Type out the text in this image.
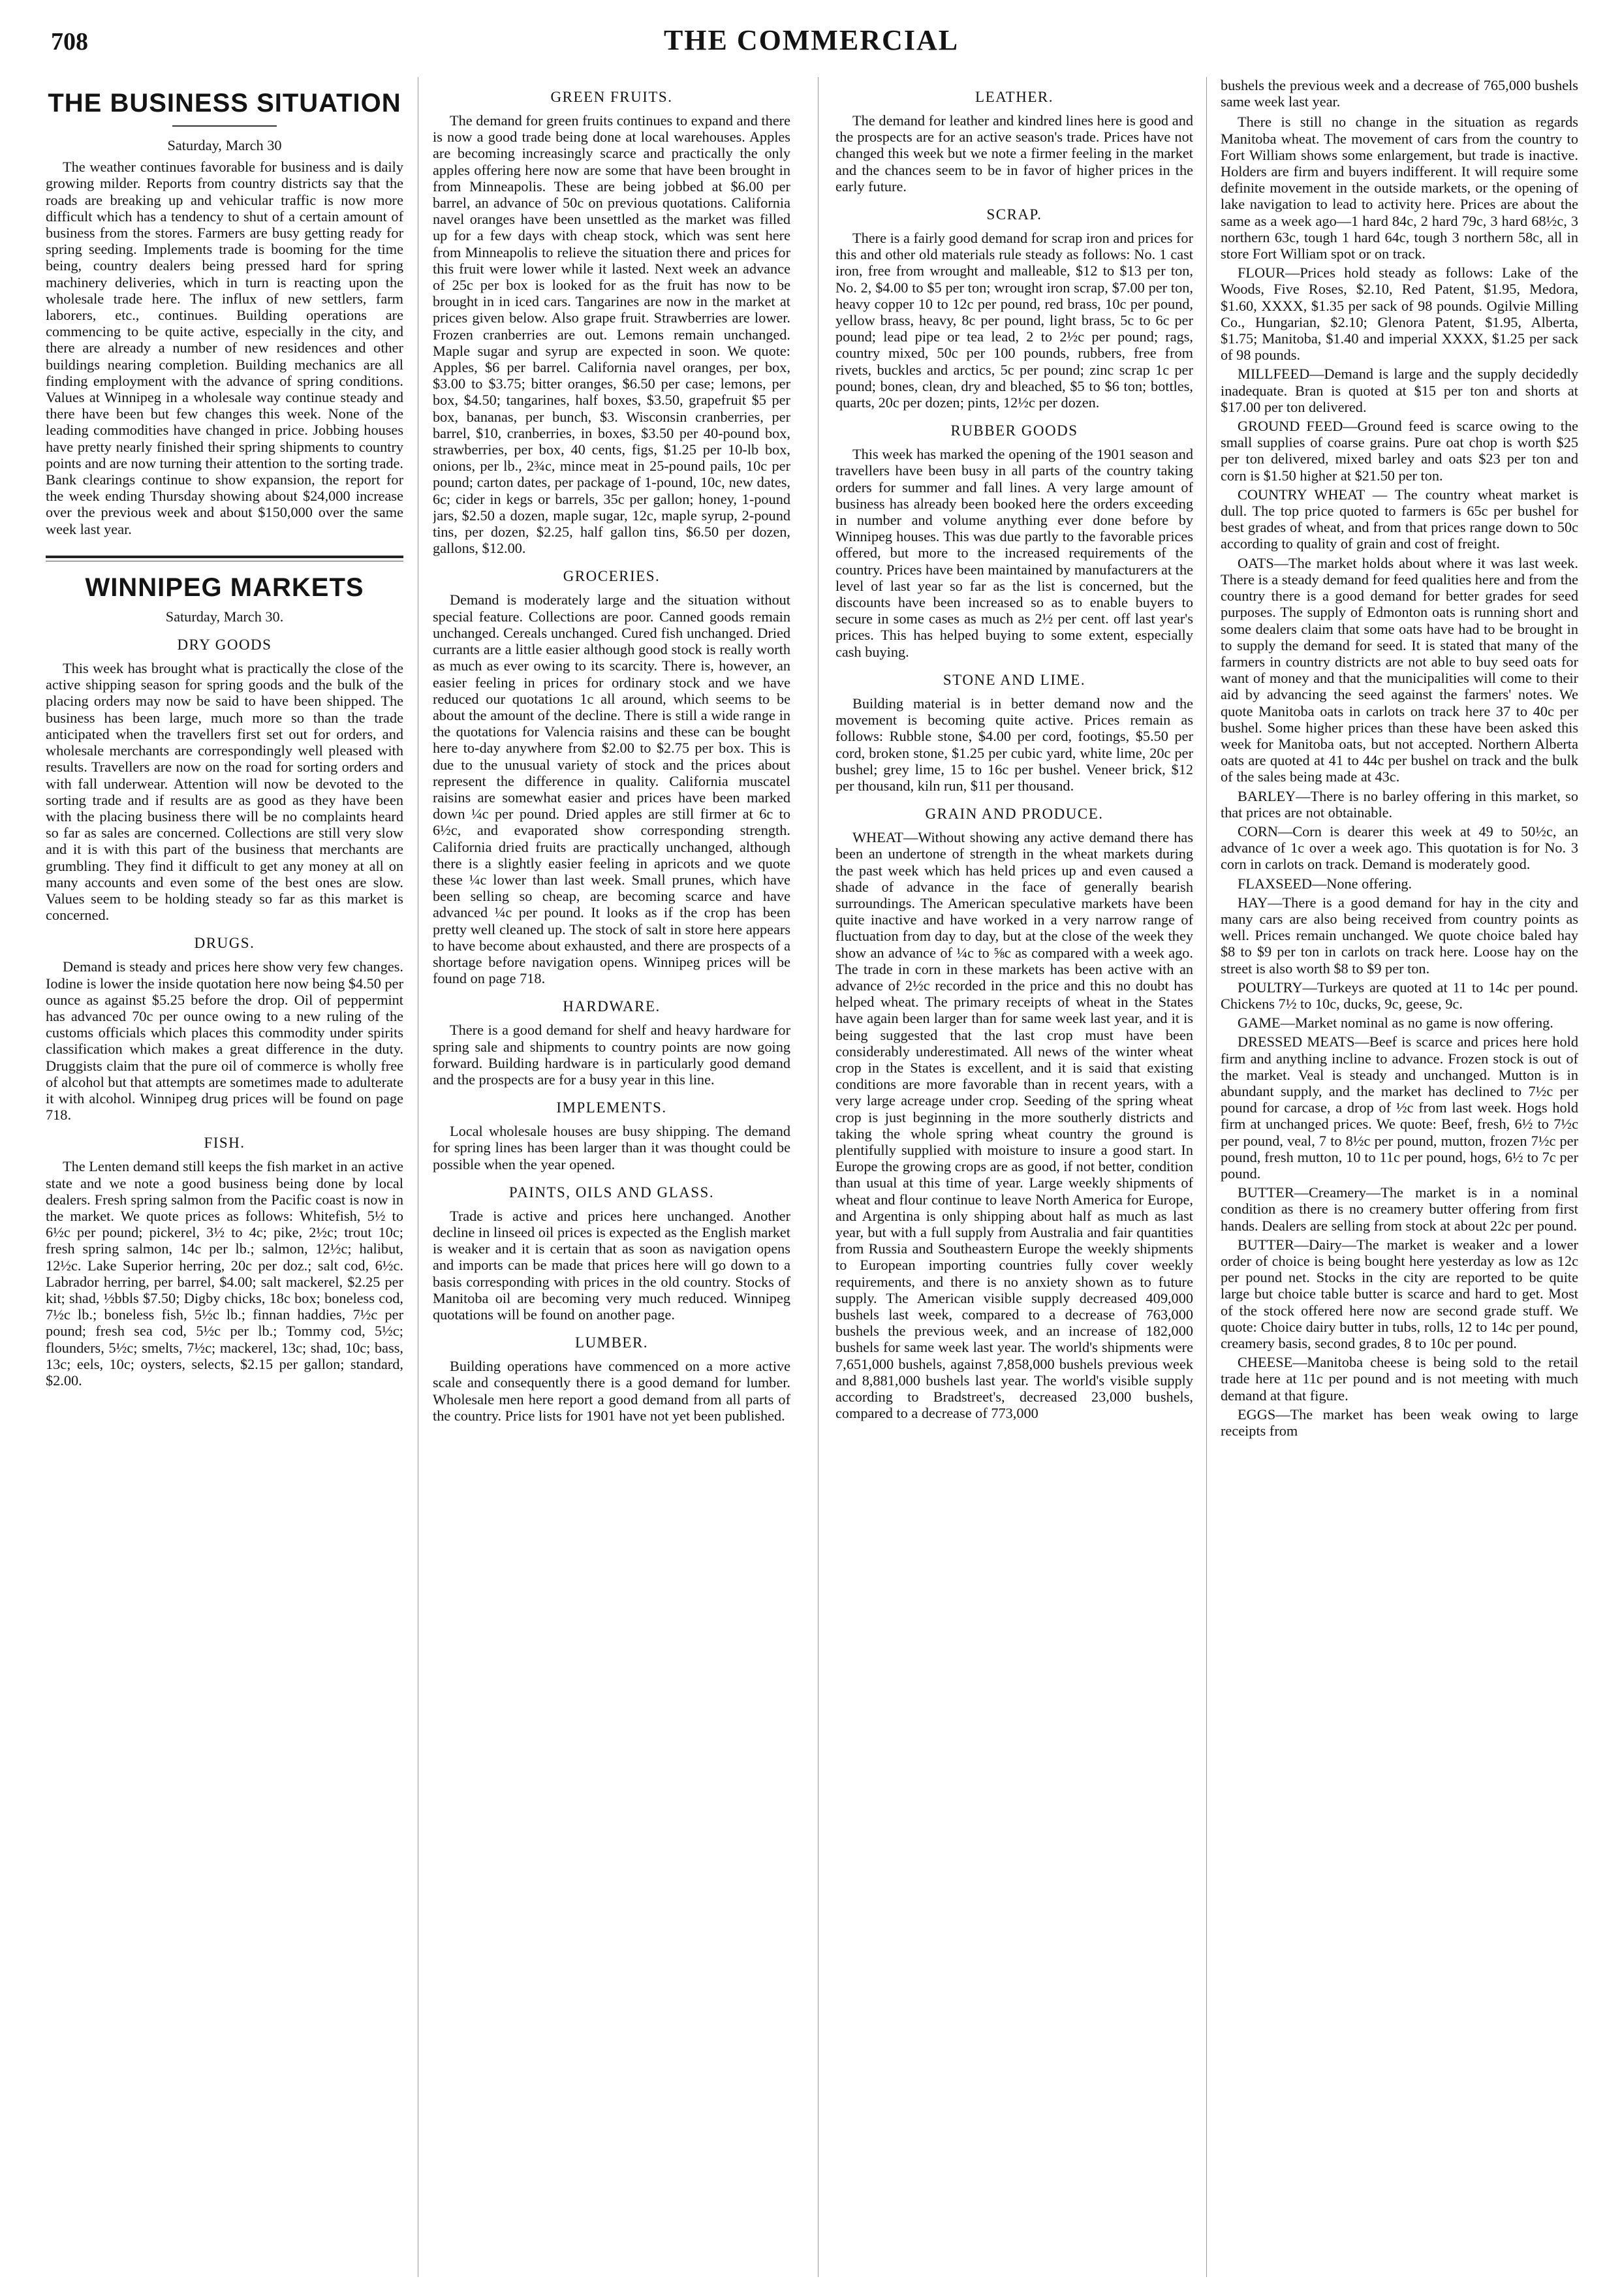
708	THE COMMERCIAL
THE BUSINESS SITUATION
Saturday, March 30

The weather continues favorable for business and is daily growing milder. Reports from country districts say that the roads are breaking up and vehicular traffic is now more difficult which has a tendency to shut of a certain amount of business from the stores. Farmers are busy getting ready for spring seeding. Implements trade is booming for the time being, country dealers being pressed hard for spring machinery deliveries, which in turn is reacting upon the wholesale trade here. The influx of new settlers, farm laborers, etc., continues. Building operations are commencing to be quite active, especially in the city, and there are already a number of new residences and other buildings nearing completion. Building mechanics are all finding employment with the advance of spring conditions. Values at Winnipeg in a wholesale way continue steady and there have been but few changes this week. None of the leading commodities have changed in price. Jobbing houses have pretty nearly finished their spring shipments to country points and are now turning their attention to the sorting trade. Bank clearings continue to show expansion, the report for the week ending Thursday showing about $24,000 increase over the previous week and about $150,000 over the same week last year.

WINNIPEG MARKETS
Saturday, March 30.
DRY GOODS

This week has brought what is practically the close of the active shipping season for spring goods and the bulk of the placing orders may now be said to have been shipped. The business has been large, much more so than the trade anticipated when the travellers first set out for orders, and wholesale merchants are correspondingly well pleased with results. Travellers are now on the road for sorting orders and with fall underwear. Attention will now be devoted to the sorting trade and if results are as good as they have been with the placing business there will be no complaints heard so far as sales are concerned. Collections are still very slow and it is with this part of the business that merchants are grumbling. They find it difficult to get any money at all on many accounts and even some of the best ones are slow. Values seem to be holding steady so far as this market is concerned.

DRUGS.

Demand is steady and prices here show very few changes. Iodine is lower the inside quotation here now being $4.50 per ounce as against $5.25 before the drop. Oil of peppermint has advanced 70c per ounce owing to a new ruling of the customs officials which places this commodity under spirits classification which makes a great difference in the duty. Druggists claim that the pure oil of commerce is wholly free of alcohol but that attempts are sometimes made to adulterate it with alcohol. Winnipeg drug prices will be found on page 718.

FISH.

The Lenten demand still keeps the fish market in an active state and we note a good business being done by local dealers. Fresh spring salmon from the Pacific coast is now in the market. We quote prices as follows: Whitefish, 5½ to 6½c per pound; pickerel, 3½ to 4c; pike, 2½c; trout 10c; fresh spring salmon, 14c per lb.; salmon, 12½c; halibut, 12½c. Lake Superior herring, 20c per doz.; salt cod, 6½c. Labrador herring, per barrel, $4.00; salt mackerel, $2.25 per kit; shad, ½bbls $7.50; Digby chicks, 18c box; boneless cod, 7½c lb.; boneless fish, 5½c lb.; finnan haddies, 7½c per pound; fresh sea cod, 5½c per lb.; Tommy cod, 5½c; flounders, 5½c; smelts, 7½c; mackerel, 13c; shad, 10c; bass, 13c; eels, 10c; oysters, selects, $2.15 per gallon; standard, $2.00.

GREEN FRUITS.

The demand for green fruits continues to expand and there is now a good trade being done at local warehouses. Apples are becoming increasingly scarce and practically the only apples offering here now are some that have been brought in from Minneapolis. These are being jobbed at $6.00 per barrel, an advance of 50c on previous quotations. California navel oranges have been unsettled as the market was filled up for a few days with cheap stock, which was sent here from Minneapolis to relieve the situation there and prices for this fruit were lower while it lasted. Next week an advance of 25c per box is looked for as the fruit has now to be brought in in iced cars. Tangarines are now in the market at prices given below. Also grape fruit. Strawberries are lower. Frozen cranberries are out. Lemons remain unchanged. Maple sugar and syrup are expected in soon. We quote: Apples, $6 per barrel. California navel oranges, per box, $3.00 to $3.75; bitter oranges, $6.50 per case; lemons, per box, $4.50; tangarines, half boxes, $3.50, grapefruit $5 per box, bananas, per bunch, $3. Wisconsin cranberries, per barrel, $10, cranberries, in boxes, $3.50 per 40-pound box, strawberries, per box, 40 cents, figs, $1.25 per 10-lb box, onions, per lb., 2¾c, mince meat in 25-pound pails, 10c per pound; carton dates, per package of 1-pound, 10c, new dates, 6c; cider in kegs or barrels, 35c per gallon; honey, 1-pound jars, $2.50 a dozen, maple sugar, 12c, maple syrup, 2-pound tins, per dozen, $2.25, half gallon tins, $6.50 per dozen, gallons, $12.00.

GROCERIES.

Demand is moderately large and the situation without special feature. Collections are poor. Canned goods remain unchanged. Cereals unchanged. Cured fish unchanged. Dried currants are a little easier although good stock is really worth as much as ever owing to its scarcity. There is, however, an easier feeling in prices for ordinary stock and we have reduced our quotations 1c all around, which seems to be about the amount of the decline. There is still a wide range in the quotations for Valencia raisins and these can be bought here to-day anywhere from $2.00 to $2.75 per box. This is due to the unusual variety of stock and the prices about represent the difference in quality. California muscatel raisins are somewhat easier and prices have been marked down ¼c per pound. Dried apples are still firmer at 6c to 6½c, and evaporated show corresponding strength. California dried fruits are practically unchanged, although there is a slightly easier feeling in apricots and we quote these ¼c lower than last week. Small prunes, which have been selling so cheap, are becoming scarce and have advanced ¼c per pound. It looks as if the crop has been pretty well cleaned up. The stock of salt in store here appears to have become about exhausted, and there are prospects of a shortage before navigation opens. Winnipeg prices will be found on page 718.

HARDWARE.

There is a good demand for shelf and heavy hardware for spring sale and shipments to country points are now going forward. Building hardware is in particularly good demand and the prospects are for a busy year in this line.

IMPLEMENTS.

Local wholesale houses are busy shipping. The demand for spring lines has been larger than it was thought could be possible when the year opened.

PAINTS, OILS AND GLASS.

Trade is active and prices here unchanged. Another decline in linseed oil prices is expected as the English market is weaker and it is certain that as soon as navigation opens and imports can be made that prices here will go down to a basis corresponding with prices in the old country. Stocks of Manitoba oil are becoming very much reduced. Winnipeg quotations will be found on another page.

LUMBER.

Building operations have commenced on a more active scale and consequently there is a good demand for lumber. Wholesale men here report a good demand from all parts of the country. Price lists for 1901 have not yet been published.

LEATHER.

The demand for leather and kindred lines here is good and the prospects are for an active season's trade. Prices have not changed this week but we note a firmer feeling in the market and the chances seem to be in favor of higher prices in the early future.

SCRAP.

There is a fairly good demand for scrap iron and prices for this and other old materials rule steady as follows: No. 1 cast iron, free from wrought and malleable, $12 to $13 per ton, No. 2, $4.00 to $5 per ton; wrought iron scrap, $7.00 per ton, heavy copper 10 to 12c per pound, red brass, 10c per pound, yellow brass, heavy, 8c per pound, light brass, 5c to 6c per pound; lead pipe or tea lead, 2 to 2½c per pound; rags, country mixed, 50c per 100 pounds, rubbers, free from rivets, buckles and arctics, 5c per pound; zinc scrap 1c per pound; bones, clean, dry and bleached, $5 to $6 ton; bottles, quarts, 20c per dozen; pints, 12½c per dozen.

RUBBER GOODS

This week has marked the opening of the 1901 season and travellers have been busy in all parts of the country taking orders for summer and fall lines. A very large amount of business has already been booked here the orders exceeding in number and volume anything ever done before by Winnipeg houses. This was due partly to the favorable prices offered, but more to the increased requirements of the country. Prices have been maintained by manufacturers at the level of last year so far as the list is concerned, but the discounts have been increased so as to enable buyers to secure in some cases as much as 2½ per cent. off last year's prices. This has helped buying to some extent, especially cash buying.

STONE AND LIME.

Building material is in better demand now and the movement is becoming quite active. Prices remain as follows: Rubble stone, $4.00 per cord, footings, $5.50 per cord, broken stone, $1.25 per cubic yard, white lime, 20c per bushel; grey lime, 15 to 16c per bushel. Veneer brick, $12 per thousand, kiln run, $11 per thousand.

GRAIN AND PRODUCE.

WHEAT—Without showing any active demand there has been an undertone of strength in the wheat markets during the past week which has held prices up and even caused a shade of advance in the face of generally bearish surroundings. The American speculative markets have been quite inactive and have worked in a very narrow range of fluctuation from day to day, but at the close of the week they show an advance of ¼c to ⅝c as compared with a week ago. The trade in corn in these markets has been active with an advance of 2½c recorded in the price and this no doubt has helped wheat. The primary receipts of wheat in the States have again been larger than for same week last year, and it is being suggested that the last crop must have been considerably underestimated. All news of the winter wheat crop in the States is excellent, and it is said that existing conditions are more favorable than in recent years, with a very large acreage under crop. Seeding of the spring wheat crop is just beginning in the more southerly districts and taking the whole spring wheat country the ground is plentifully supplied with moisture to insure a good start. In Europe the growing crops are as good, if not better, condition than usual at this time of year. Large weekly shipments of wheat and flour continue to leave North America for Europe, and Argentina is only shipping about half as much as last year, but with a full supply from Australia and fair quantities from Russia and Southeastern Europe the weekly shipments to European importing countries fully cover weekly requirements, and there is no anxiety shown as to future supply. The American visible supply decreased 409,000 bushels last week, compared to a decrease of 763,000 bushels the previous week, and an increase of 182,000 bushels for same week last year. The world's shipments were 7,651,000 bushels, against 7,858,000 bushels previous week and 8,881,000 bushels last year. The world's visible supply according to Bradstreet's, decreased 23,000 bushels, compared to a decrease of 773,000

bushels the previous week and a decrease of 765,000 bushels same week last year.

There is still no change in the situation as regards Manitoba wheat. The movement of cars from the country to Fort William shows some enlargement, but trade is inactive. Holders are firm and buyers indifferent. It will require some definite movement in the outside markets, or the opening of lake navigation to lead to activity here. Prices are about the same as a week ago—1 hard 84c, 2 hard 79c, 3 hard 68½c, 3 northern 63c, tough 1 hard 64c, tough 3 northern 58c, all in store Fort William spot or on track.

FLOUR—Prices hold steady as follows: Lake of the Woods, Five Roses, $2.10, Red Patent, $1.95, Medora, $1.60, XXXX, $1.35 per sack of 98 pounds. Ogilvie Milling Co., Hungarian, $2.10; Glenora Patent, $1.95, Alberta, $1.75; Manitoba, $1.40 and imperial XXXX, $1.25 per sack of 98 pounds.

MILLFEED—Demand is large and the supply decidedly inadequate. Bran is quoted at $15 per ton and shorts at $17.00 per ton delivered.

GROUND FEED—Ground feed is scarce owing to the small supplies of coarse grains. Pure oat chop is worth $25 per ton delivered, mixed barley and oats $23 per ton and corn is $1.50 higher at $21.50 per ton.

COUNTRY WHEAT — The country wheat market is dull. The top price quoted to farmers is 65c per bushel for best grades of wheat, and from that prices range down to 50c according to quality of grain and cost of freight.

OATS—The market holds about where it was last week. There is a steady demand for feed qualities here and from the country there is a good demand for better grades for seed purposes. The supply of Edmonton oats is running short and some dealers claim that some oats have had to be brought in to supply the demand for seed. It is stated that many of the farmers in country districts are not able to buy seed oats for want of money and that the municipalities will come to their aid by advancing the seed against the farmers' notes. We quote Manitoba oats in carlots on track here 37 to 40c per bushel. Some higher prices than these have been asked this week for Manitoba oats, but not accepted. Northern Alberta oats are quoted at 41 to 44c per bushel on track and the bulk of the sales being made at 43c.

BARLEY—There is no barley offering in this market, so that prices are not obtainable.

CORN—Corn is dearer this week at 49 to 50½c, an advance of 1c over a week ago. This quotation is for No. 3 corn in carlots on track. Demand is moderately good.

FLAXSEED—None offering.

HAY—There is a good demand for hay in the city and many cars are also being received from country points as well. Prices remain unchanged. We quote choice baled hay $8 to $9 per ton in carlots on track here. Loose hay on the street is also worth $8 to $9 per ton.

POULTRY—Turkeys are quoted at 11 to 14c per pound. Chickens 7½ to 10c, ducks, 9c, geese, 9c.

GAME—Market nominal as no game is now offering.

DRESSED MEATS—Beef is scarce and prices here hold firm and anything incline to advance. Frozen stock is out of the market. Veal is steady and unchanged. Mutton is in abundant supply, and the market has declined to 7½c per pound for carcase, a drop of ½c from last week. Hogs hold firm at unchanged prices. We quote: Beef, fresh, 6½ to 7½c per pound, veal, 7 to 8½c per pound, mutton, frozen 7½c per pound, fresh mutton, 10 to 11c per pound, hogs, 6½ to 7c per pound.

BUTTER—Creamery—The market is in a nominal condition as there is no creamery butter offering from first hands. Dealers are selling from stock at about 22c per pound.

BUTTER—Dairy—The market is weaker and a lower order of choice is being bought here yesterday as low as 12c per pound net. Stocks in the city are reported to be quite large but choice table butter is scarce and hard to get. Most of the stock offered here now are second grade stuff. We quote: Choice dairy butter in tubs, rolls, 12 to 14c per pound, creamery basis, second grades, 8 to 10c per pound.

CHEESE—Manitoba cheese is being sold to the retail trade here at 11c per pound and is not meeting with much demand at that figure.

EGGS—The market has been weak owing to large receipts from
